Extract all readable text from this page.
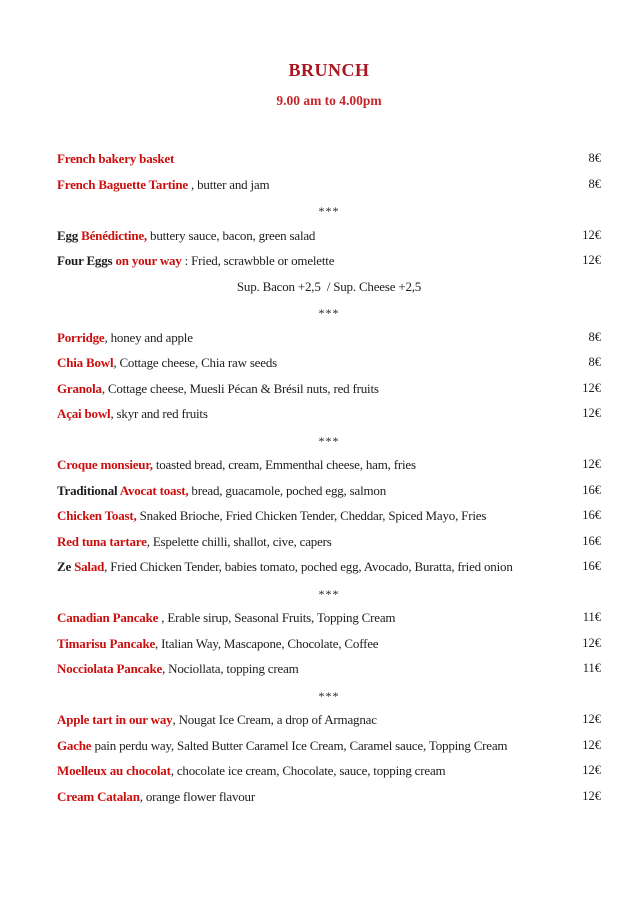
BRUNCH
9.00 am to 4.00pm
French bakery basket	8€
French Baguette Tartine , butter and jam	8€
***
Egg Bénédictine, buttery sauce, bacon, green salad	12€
Four Eggs on your way : Fried, scrawbble or omelette	12€
Sup. Bacon +2,5  / Sup. Cheese +2,5
***
Porridge, honey and apple	8€
Chia Bowl, Cottage cheese, Chia raw seeds	8€
Granola, Cottage cheese, Muesli Pécan & Brésil nuts, red fruits	12€
Açai bowl, skyr and red fruits	12€
***
Croque monsieur, toasted bread, cream, Emmenthal cheese, ham, fries	12€
Traditional Avocat toast, bread, guacamole, poched egg, salmon	16€
Chicken Toast, Snaked Brioche, Fried Chicken Tender, Cheddar, Spiced Mayo, Fries	16€
Red tuna tartare, Espelette chilli, shallot, cive, capers	16€
Ze Salad, Fried Chicken Tender, babies tomato, poched egg, Avocado, Buratta, fried onion	16€
***
Canadian Pancake , Erable sirup, Seasonal Fruits, Topping Cream	11€
Timarisu Pancake, Italian Way, Mascapone, Chocolate, Coffee	12€
Nocciolata Pancake, Nociollata, topping cream	11€
***
Apple tart in our way, Nougat Ice Cream, a drop of Armagnac	12€
Gache pain perdu way, Salted Butter Caramel Ice Cream, Caramel sauce, Topping Cream	12€
Moelleux au chocolat, chocolate ice cream, Chocolate, sauce, topping cream	12€
Cream Catalan, orange flower flavour	12€
